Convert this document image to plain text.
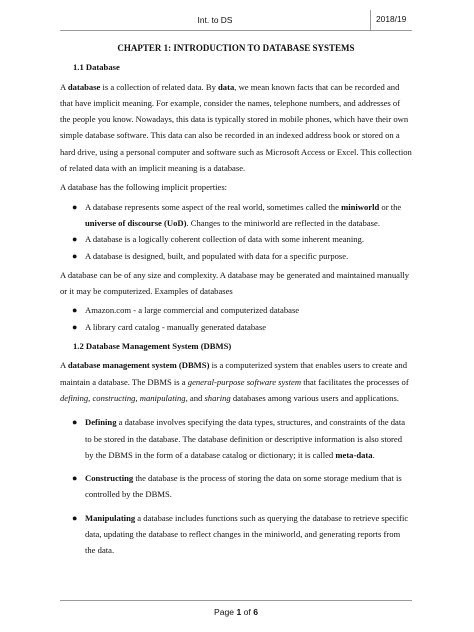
Int. to DS	2018/19

CHAPTER 1: INTRODUCTION TO DATABASE SYSTEMS

1.1 Database

A database is a collection of related data. By data, we mean known facts that can be recorded and that have implicit meaning. For example, consider the names, telephone numbers, and addresses of the people you know. Nowadays, this data is typically stored in mobile phones, which have their own simple database software. This data can also be recorded in an indexed address book or stored on a hard drive, using a personal computer and software such as Microsoft Access or Excel. This collection of related data with an implicit meaning is a database.

A database has the following implicit properties:

● A database represents some aspect of the real world, sometimes called the miniworld or the universe of discourse (UoD). Changes to the miniworld are reflected in the database.
● A database is a logically coherent collection of data with some inherent meaning.
● A database is designed, built, and populated with data for a specific purpose.

A database can be of any size and complexity. A database may be generated and maintained manually or it may be computerized. Examples of databases

● Amazon.com - a large commercial and computerized database
● A library card catalog - manually generated database

1.2 Database Management System (DBMS)

A database management system (DBMS) is a computerized system that enables users to create and maintain a database. The DBMS is a general-purpose software system that facilitates the processes of defining, constructing, manipulating, and sharing databases among various users and applications.

● Defining a database involves specifying the data types, structures, and constraints of the data to be stored in the database. The database definition or descriptive information is also stored by the DBMS in the form of a database catalog or dictionary; it is called meta-data.
● Constructing the database is the process of storing the data on some storage medium that is controlled by the DBMS.
● Manipulating a database includes functions such as querying the database to retrieve specific data, updating the database to reflect changes in the miniworld, and generating reports from the data.
Page 1 of 6
